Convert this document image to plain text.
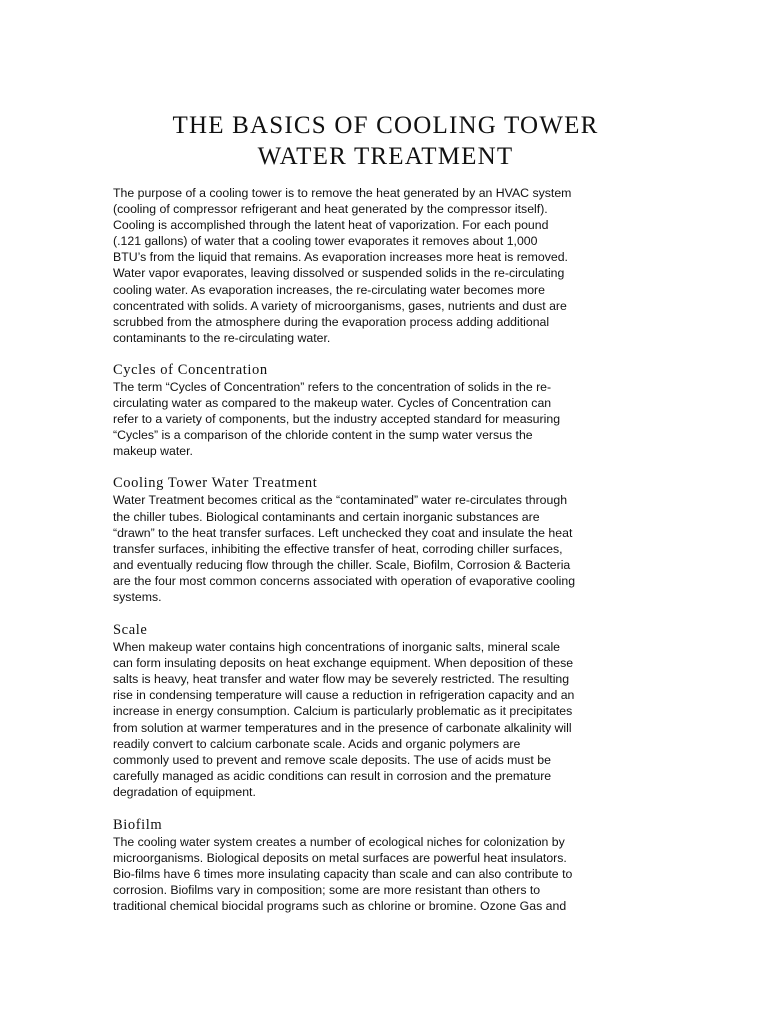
THE BASICS OF COOLING TOWER
WATER TREATMENT
The purpose of a cooling tower is to remove the heat generated by an HVAC system
(cooling of compressor refrigerant and heat generated by the compressor itself).
Cooling is accomplished through the latent heat of vaporization. For each pound
(.121 gallons) of water that a cooling tower evaporates it removes about 1,000
BTU’s from the liquid that remains. As evaporation increases more heat is removed.
Water vapor evaporates, leaving dissolved or suspended solids in the re-circulating
cooling water. As evaporation increases, the re-circulating water becomes more
concentrated with solids. A variety of microorganisms, gases, nutrients and dust are
scrubbed from the atmosphere during the evaporation process adding additional
contaminants to the re-circulating water.
Cycles of Concentration
The term “Cycles of Concentration” refers to the concentration of solids in the re-
circulating water as compared to the makeup water. Cycles of Concentration can
refer to a variety of components, but the industry accepted standard for measuring
“Cycles” is a comparison of the chloride content in the sump water versus the
makeup water.
Cooling Tower Water Treatment
Water Treatment becomes critical as the “contaminated” water re-circulates through
the chiller tubes. Biological contaminants and certain inorganic substances are
“drawn” to the heat transfer surfaces. Left unchecked they coat and insulate the heat
transfer surfaces, inhibiting the effective transfer of heat, corroding chiller surfaces,
and eventually reducing flow through the chiller. Scale, Biofilm, Corrosion & Bacteria
are the four most common concerns associated with operation of evaporative cooling
systems.
Scale
When makeup water contains high concentrations of inorganic salts, mineral scale
can form insulating deposits on heat exchange equipment. When deposition of these
salts is heavy, heat transfer and water flow may be severely restricted. The resulting
rise in condensing temperature will cause a reduction in refrigeration capacity and an
increase in energy consumption. Calcium is particularly problematic as it precipitates
from solution at warmer temperatures and in the presence of carbonate alkalinity will
readily convert to calcium carbonate scale. Acids and organic polymers are
commonly used to prevent and remove scale deposits. The use of acids must be
carefully managed as acidic conditions can result in corrosion and the premature
degradation of equipment.
Biofilm
The cooling water system creates a number of ecological niches for colonization by
microorganisms. Biological deposits on metal surfaces are powerful heat insulators.
Bio-films have 6 times more insulating capacity than scale and can also contribute to
corrosion. Biofilms vary in composition; some are more resistant than others to
traditional chemical biocidal programs such as chlorine or bromine. Ozone Gas and
